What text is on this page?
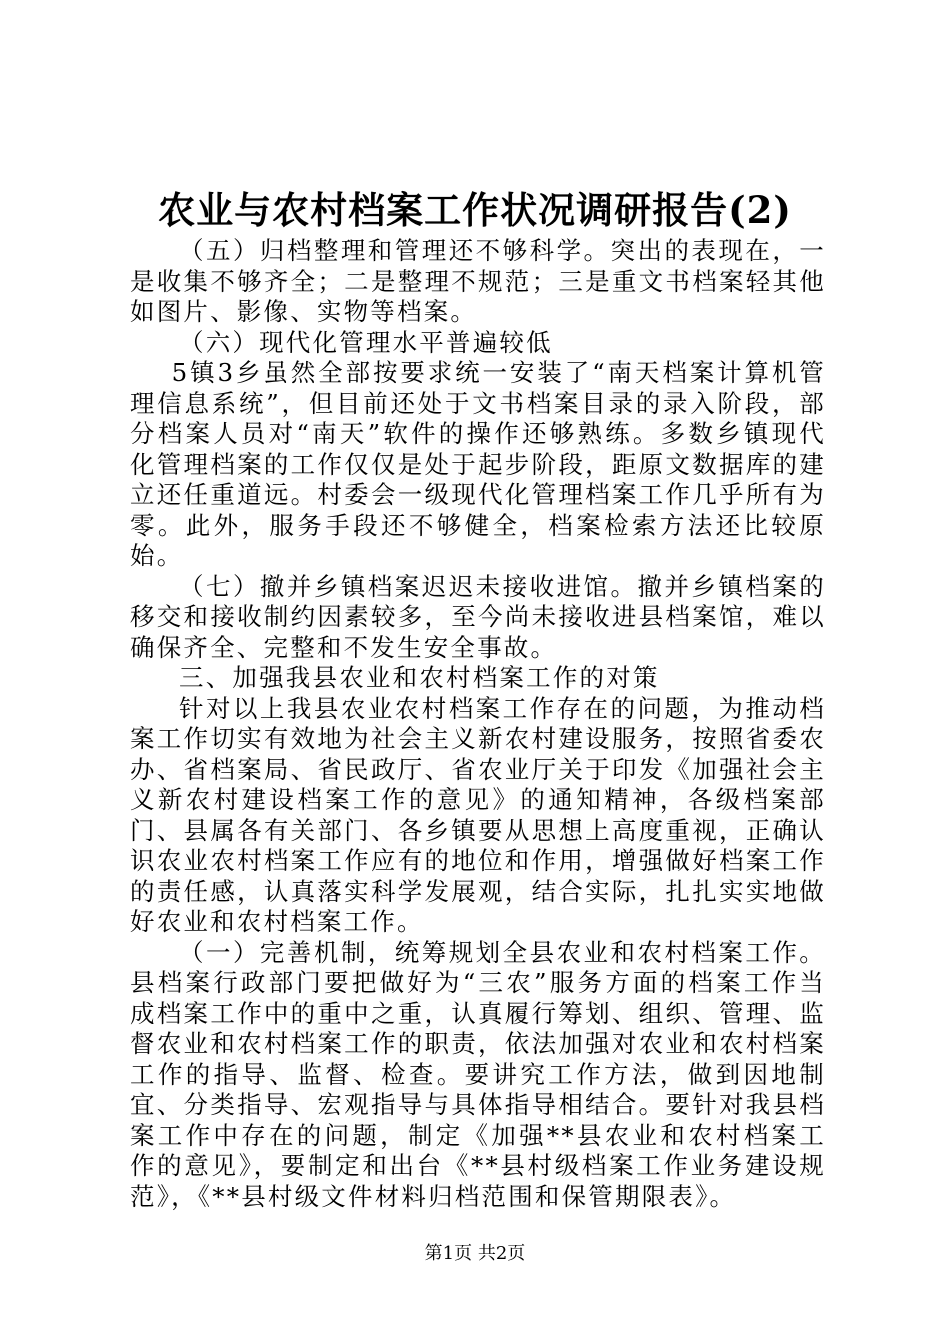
农业与农村档案工作状况调研报告(2)

（五）归档整理和管理还不够科学。突出的表现在，一是收集不够齐全；二是整理不规范；三是重文书档案轻其他如图片、影像、实物等档案。

（六）现代化管理水平普遍较低

5镇3乡虽然全部按要求统一安装了“南天档案计算机管理信息系统”，但目前还处于文书档案目录的录入阶段，部分档案人员对“南天”软件的操作还够熟练。多数乡镇现代化管理档案的工作仅仅是处于起步阶段，距原文数据库的建立还任重道远。村委会一级现代化管理档案工作几乎所有为零。此外，服务手段还不够健全，档案检索方法还比较原始。

（七）撤并乡镇档案迟迟未接收进馆。撤并乡镇档案的移交和接收制约因素较多，至今尚未接收进县档案馆，难以确保齐全、完整和不发生安全事故。

三、加强我县农业和农村档案工作的对策

针对以上我县农业农村档案工作存在的问题，为推动档案工作切实有效地为社会主义新农村建设服务，按照省委农办、省档案局、省民政厅、省农业厅关于印发《加强社会主义新农村建设档案工作的意见》的通知精神，各级档案部门、县属各有关部门、各乡镇要从思想上高度重视，正确认识农业农村档案工作应有的地位和作用，增强做好档案工作的责任感，认真落实科学发展观，结合实际，扎扎实实地做好农业和农村档案工作。

（一）完善机制，统筹规划全县农业和农村档案工作。县档案行政部门要把做好为“三农”服务方面的档案工作当成档案工作中的重中之重，认真履行筹划、组织、管理、监督农业和农村档案工作的职责，依法加强对农业和农村档案工作的指导、监督、检查。要讲究工作方法，做到因地制宜、分类指导、宏观指导与具体指导相结合。要针对我县档案工作中存在的问题，制定《加强**县农业和农村档案工作的意见》，要制定和出台《**县村级档案工作业务建设规范》，《**县村级文件材料归档范围和保管期限表》。

第1页 共2页
